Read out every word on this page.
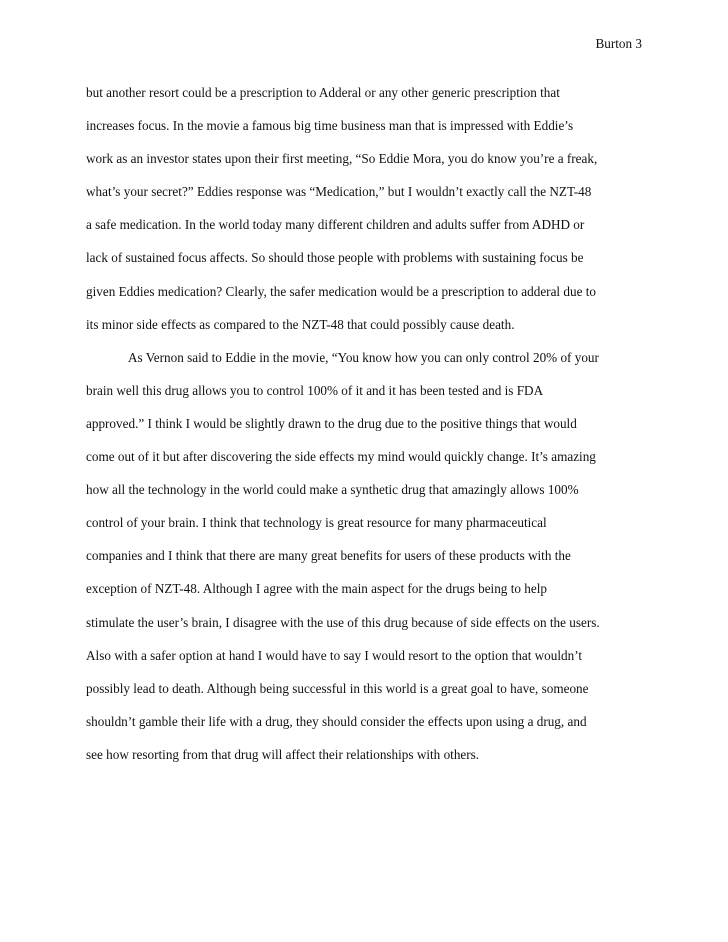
Burton 3
but another resort could be a prescription to Adderal or any other generic prescription that
increases focus. In the movie a famous big time business man that is impressed with Eddie’s
work as an investor states upon their first meeting, “So Eddie Mora, you do know you’re a freak,
what’s your secret?” Eddies response was “Medication,” but I wouldn’t exactly call the NZT-48
a safe medication. In the world today many different children and adults suffer from ADHD or
lack of sustained focus affects. So should those people with problems with sustaining focus be
given Eddies medication? Clearly, the safer medication would be a prescription to adderal due to
its minor side effects as compared to the NZT-48 that could possibly cause death.
As Vernon said to Eddie in the movie, “You know how you can only control 20% of your
brain well this drug allows you to control 100% of it and it has been tested and is FDA
approved.” I think I would be slightly drawn to the drug due to the positive things that would
come out of it but after discovering the side effects my mind would quickly change. It’s amazing
how all the technology in the world could make a synthetic drug that amazingly allows 100%
control of your brain. I think that technology is great resource for many pharmaceutical
companies and I think that there are many great benefits for users of these products with the
exception of NZT-48. Although I agree with the main aspect for the drugs being to help
stimulate the user’s brain, I disagree with the use of this drug because of side effects on the users.
Also with a safer option at hand I would have to say I would resort to the option that wouldn’t
possibly lead to death. Although being successful in this world is a great goal to have, someone
shouldn’t gamble their life with a drug, they should consider the effects upon using a drug, and
see how resorting from that drug will affect their relationships with others.
